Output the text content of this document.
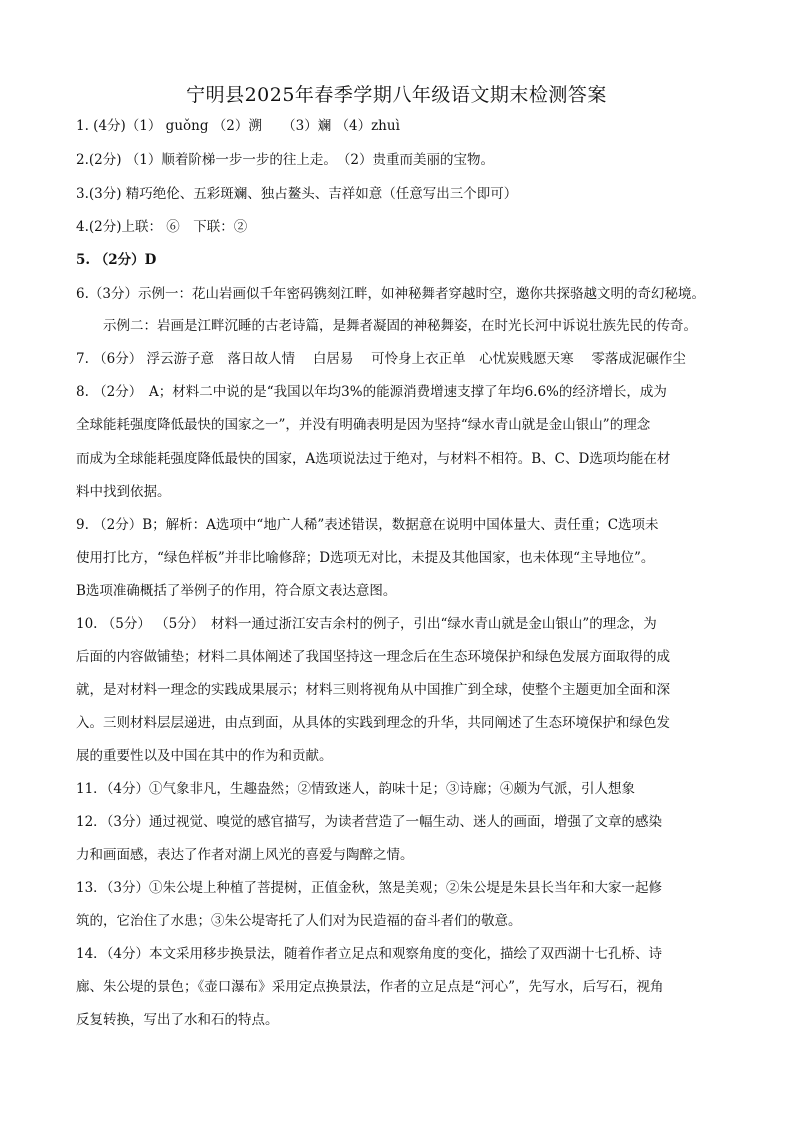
宁明县2025年春季学期八年级语文期末检测答案
1. (4分)（1） guǒng （2）溯　　（3）斓 （4）zhuì
2.(2分) （1）顺着阶梯一步一步的往上走。　（2）贵重而美丽的宝物。
3.(3分) 精巧绝伦、五彩斑斓、独占鳌头、吉祥如意（任意写出三个即可）
4.(2分)上联： ⑥　下联：②
5. （2分）D
6.（3分）示例一：花山岩画似千年密码镌刻江畔，如神秘舞者穿越时空，邀你共探骆越文明的奇幻秘境。
示例二：岩画是江畔沉睡的古老诗篇，是舞者凝固的神秘舞姿，在时光长河中诉说壮族先民的传奇。
7. （6分） 浮云游子意　落日故人情　 白居易　 可怜身上衣正单　心忧炭贱愿天寒　 零落成泥碾作尘
8. （2分）　A；材料二中说的是“我国以年均3%的能源消费增速支撑了年均6.6%的经济增长，成为
全球能耗强度降低最快的国家之一”，并没有明确表明是因为坚持“绿水青山就是金山银山”的理念
而成为全球能耗强度降低最快的国家，A选项说法过于绝对，与材料不相符。B、C、D选项均能在材
料中找到依据。
9. （2分）B；解析：A选项中“地广人稀”表述错误，数据意在说明中国体量大、责任重；C选项未
使用打比方，“绿色样板”并非比喻修辞；D选项无对比，未提及其他国家，也未体现“主导地位”。
B选项准确概括了举例子的作用，符合原文表达意图。
10. （5分） （5分）　材料一通过浙江安吉余村的例子，引出“绿水青山就是金山银山”的理念，为
后面的内容做铺垫；材料二具体阐述了我国坚持这一理念后在生态环境保护和绿色发展方面取得的成
就，是对材料一理念的实践成果展示；材料三则将视角从中国推广到全球，使整个主题更加全面和深
入。三则材料层层递进，由点到面，从具体的实践到理念的升华，共同阐述了生态环境保护和绿色发
展的重要性以及中国在其中的作为和贡献。
11．（4分）①气象非凡，生趣盎然；②情致迷人，韵味十足；③诗廊；④颇为气派，引人想象
12．（3分）通过视觉、嗅觉的感官描写，为读者营造了一幅生动、迷人的画面，增强了文章的感染
力和画面感，表达了作者对湖上风光的喜爱与陶醉之情。
13．（3分）①朱公堤上种植了菩提树，正值金秋，煞是美观；②朱公堤是朱县长当年和大家一起修
筑的，它治住了水患；③朱公堤寄托了人们对为民造福的奋斗者们的敬意。
14．（4分）本文采用移步换景法，随着作者立足点和观察角度的变化，描绘了双西湖十七孔桥、诗
廊、朱公堤的景色；《壶口瀑布》采用定点换景法，作者的立足点是“河心”，先写水，后写石，视角
反复转换，写出了水和石的特点。
